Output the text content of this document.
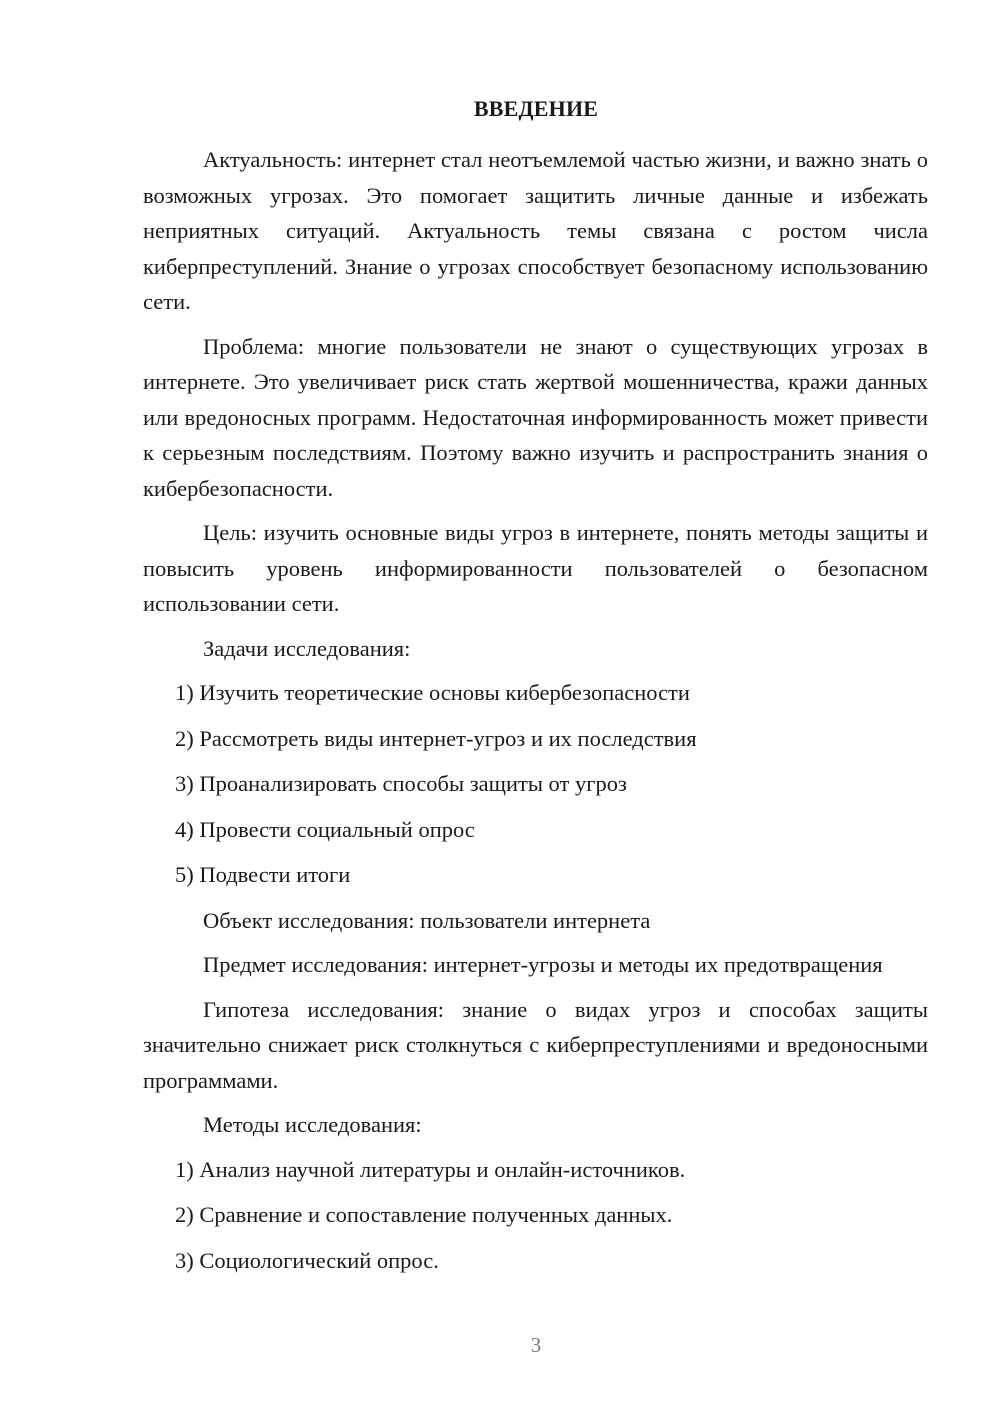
ВВЕДЕНИЕ

Актуальность: интернет стал неотъемлемой частью жизни, и важно знать о возможных угрозах. Это помогает защитить личные данные и избежать неприятных ситуаций. Актуальность темы связана с ростом числа киберпреступлений. Знание о угрозах способствует безопасному использованию сети.

Проблема: многие пользователи не знают о существующих угрозах в интернете. Это увеличивает риск стать жертвой мошенничества, кражи данных или вредоносных программ. Недостаточная информированность может привести к серьезным последствиям. Поэтому важно изучить и распространить знания о кибербезопасности.

Цель: изучить основные виды угроз в интернете, понять методы защиты и повысить уровень информированности пользователей о безопасном использовании сети.

Задачи исследования:

1) Изучить теоретические основы кибербезопасности

2) Рассмотреть виды интернет-угроз и их последствия

3) Проанализировать способы защиты от угроз

4) Провести социальный опрос

5) Подвести итоги

Объект исследования: пользователи интернета

Предмет исследования: интернет-угрозы и методы их предотвращения

Гипотеза исследования: знание о видах угроз и способах защиты значительно снижает риск столкнуться с киберпреступлениями и вредоносными программами.

Методы исследования:

1) Анализ научной литературы и онлайн-источников.

2) Сравнение и сопоставление полученных данных.

3) Социологический опрос.

3
